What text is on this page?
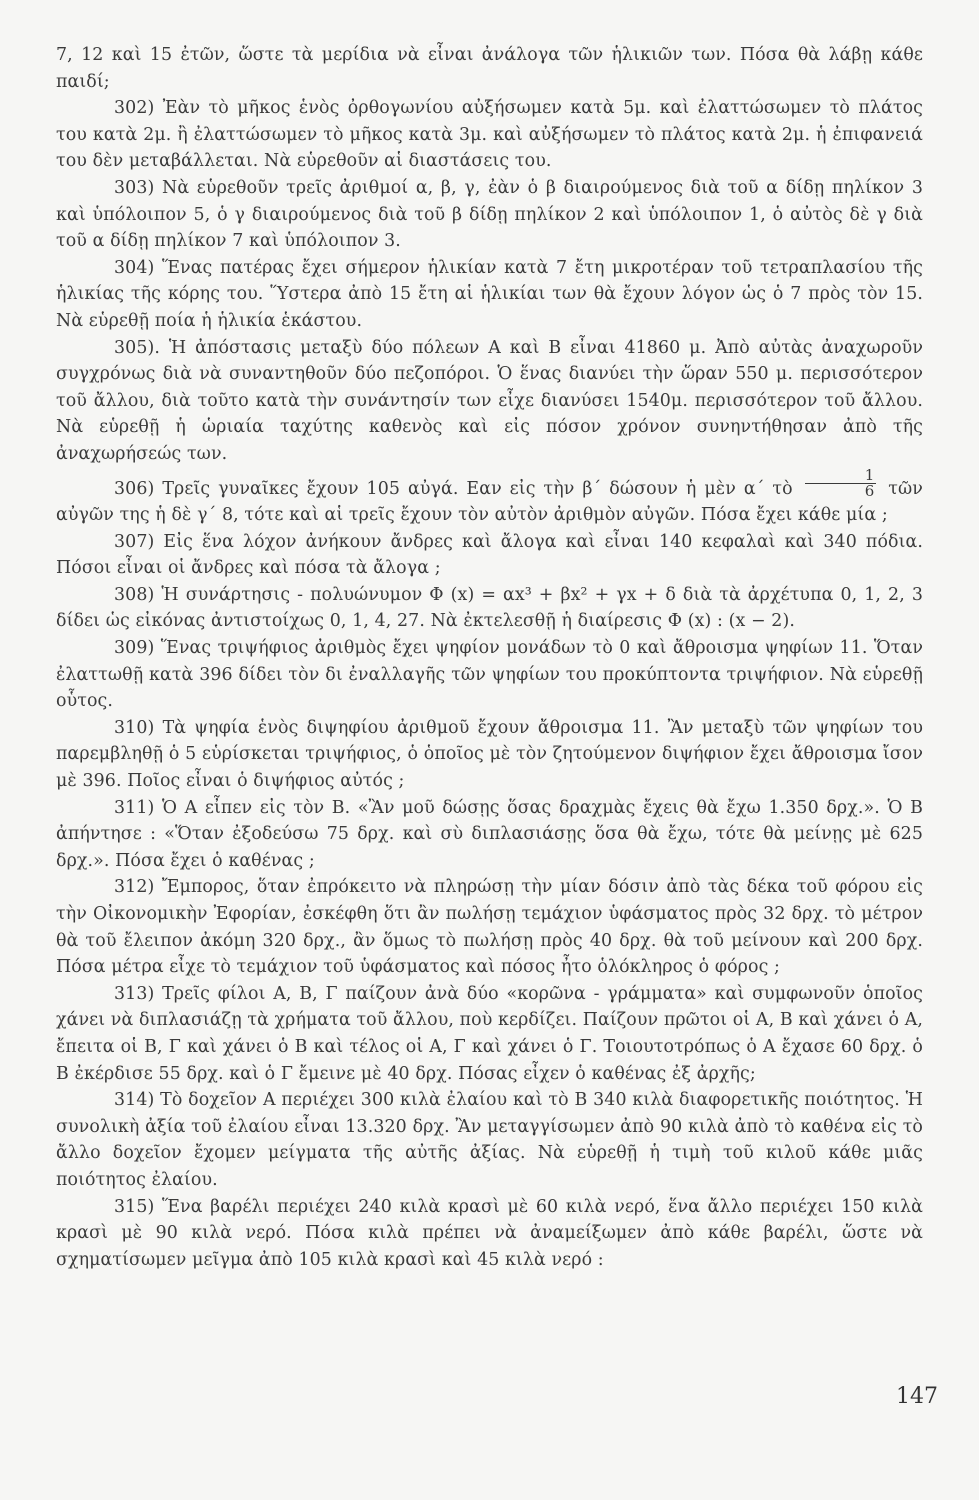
7, 12 καὶ 15 ἐτῶν, ὥστε τὰ μερίδια νὰ εἶναι ἀνάλογα τῶν ἡλικιῶν των. Πόσα θὰ λάβῃ κάθε παιδί;

302) Ἐὰν τὸ μῆκος ἑνὸς ὀρθογωνίου αὐξήσωμεν κατὰ 5μ. καὶ ἐλαττώσωμεν τὸ πλάτος του κατὰ 2μ. ἢ ἐλαττώσωμεν τὸ μῆκος κατὰ 3μ. καὶ αὐξήσωμεν τὸ πλάτος κατὰ 2μ. ἡ ἐπιφανειά του δὲν μεταβάλλεται. Νὰ εὑρεθοῦν αἱ διαστάσεις του.

303) Νὰ εὑρεθοῦν τρεῖς ἀριθμοί α, β, γ, ἐὰν ὁ β διαιρούμενος διὰ τοῦ α δίδῃ πηλίκον 3 καὶ ὑπόλοιπον 5, ὁ γ διαιρούμενος διὰ τοῦ β δίδῃ πηλίκον 2 καὶ ὑπόλοιπον 1, ὁ αὐτὸς δὲ γ διὰ τοῦ α δίδῃ πηλίκον 7 καὶ ὑπόλοιπον 3.

304) Ἕνας πατέρας ἔχει σήμερον ἡλικίαν κατὰ 7 ἔτη μικροτέραν τοῦ τετραπλασίου τῆς ἡλικίας τῆς κόρης του. Ὕστερα ἀπὸ 15 ἔτη αἱ ἡλικίαι των θὰ ἔχουν λόγον ὡς ὁ 7 πρὸς τὸν 15. Νὰ εὑρεθῇ ποία ἡ ἡλικία ἑκάστου.

305). Ἡ ἀπόστασις μεταξὺ δύο πόλεων Α καὶ Β εἶναι 41860 μ. Ἀπὸ αὐτὰς ἀναχωροῦν συγχρόνως διὰ νὰ συναντηθοῦν δύο πεζοπόροι. Ὁ ἕνας διανύει τὴν ὥραν 550 μ. περισσότερον τοῦ ἄλλου, διὰ τοῦτο κατὰ τὴν συνάντησίν των εἶχε διανύσει 1540μ. περισσότερον τοῦ ἄλλου. Νὰ εὑρεθῇ ἡ ὡριαία ταχύτης καθενὸς καὶ εἰς πόσον χρόνον συνηντήθησαν ἀπὸ τῆς ἀναχωρήσεώς των.

306) Τρεῖς γυναῖκες ἔχουν 105 αὐγά. Εαν εἰς τὴν β΄ δώσουν ἡ μὲν α΄ τὸ $\frac{1}{6}$ τῶν αὐγῶν της ἡ δὲ γ΄ 8, τότε καὶ αἱ τρεῖς ἔχουν τὸν αὐτὸν ἀριθμὸν αὐγῶν. Πόσα ἔχει κάθε μία ;

307) Εἰς ἕνα λόχον ἀνήκουν ἄνδρες καὶ ἄλογα καὶ εἶναι 140 κεφαλαὶ καὶ 340 πόδια. Πόσοι εἶναι οἱ ἄνδρες καὶ πόσα τὰ ἄλογα ;

308) Ἡ συνάρτησις - πολυώνυμον Φ (x) = αx³ + βx² + γx + δ διὰ τὰ ἀρχέτυπα 0, 1, 2, 3 δίδει ὡς εἰκόνας ἀντιστοίχως 0, 1, 4, 27. Νὰ ἐκτελεσθῇ ἡ διαίρεσις Φ (x) : (x − 2).

309) Ἕνας τριψήφιος ἀριθμὸς ἔχει ψηφίον μονάδων τὸ 0 καὶ ἄθροισμα ψηφίων 11. Ὅταν ἐλαττωθῇ κατὰ 396 δίδει τὸν δι ἐναλλαγῆς τῶν ψηφίων του προκύπτοντα τριψήφιον. Νὰ εὑρεθῇ οὗτος.

310) Τὰ ψηφία ἑνὸς διψηφίου ἀριθμοῦ ἔχουν ἄθροισμα 11. Ἂν μεταξὺ τῶν ψηφίων του παρεμβληθῇ ὁ 5 εὑρίσκεται τριψήφιος, ὁ ὁποῖος μὲ τὸν ζητούμενον διψήφιον ἔχει ἄθροισμα ἴσον μὲ 396. Ποῖος εἶναι ὁ διψήφιος αὐτός ;

311) Ὁ Α εἶπεν εἰς τὸν Β. «Ἂν μοῦ δώσῃς ὅσας δραχμὰς ἔχεις θὰ ἔχω 1.350 δρχ.». Ὁ Β ἀπήντησε : «Ὅταν ἐξοδεύσω 75 δρχ. καὶ σὺ διπλασιάσῃς ὅσα θὰ ἔχω, τότε θὰ μείνῃς μὲ 625 δρχ.». Πόσα ἔχει ὁ καθένας ;

312) Ἔμπορος, ὅταν ἐπρόκειτο νὰ πληρώσῃ τὴν μίαν δόσιν ἀπὸ τὰς δέκα τοῦ φόρου εἰς τὴν Οἰκονομικὴν Ἐφορίαν, ἐσκέφθη ὅτι ἂν πωλήσῃ τεμάχιον ὑφάσματος πρὸς 32 δρχ. τὸ μέτρον θὰ τοῦ ἔλειπον ἀκόμη 320 δρχ., ἂν ὅμως τὸ πωλήσῃ πρὸς 40 δρχ. θὰ τοῦ μείνουν καὶ 200 δρχ. Πόσα μέτρα εἶχε τὸ τεμάχιον τοῦ ὑφάσματος καὶ πόσος ἦτο ὁλόκληρος ὁ φόρος ;

313) Τρεῖς φίλοι Α, Β, Γ παίζουν ἀνὰ δύο «κορῶνα - γράμματα» καὶ συμφωνοῦν ὁποῖος χάνει νὰ διπλασιάζῃ τὰ χρήματα τοῦ ἄλλου, ποὺ κερδίζει. Παίζουν πρῶτοι οἱ Α, Β καὶ χάνει ὁ Α, ἔπειτα οἱ Β, Γ καὶ χάνει ὁ Β καὶ τέλος οἱ Α, Γ καὶ χάνει ὁ Γ. Τοιουτοτρόπως ὁ Α ἔχασε 60 δρχ. ὁ Β ἐκέρδισε 55 δρχ. καὶ ὁ Γ ἔμεινε μὲ 40 δρχ. Πόσας εἶχεν ὁ καθένας ἐξ ἀρχῆς;

314) Τὸ δοχεῖον Α περιέχει 300 κιλὰ ἐλαίου καὶ τὸ Β 340 κιλὰ διαφορετικῆς ποιότητος. Ἡ συνολικὴ ἀξία τοῦ ἐλαίου εἶναι 13.320 δρχ. Ἂν μεταγγίσωμεν ἀπὸ 90 κιλὰ ἀπὸ τὸ καθένα εἰς τὸ ἄλλο δοχεῖον ἔχομεν μείγματα τῆς αὐτῆς ἀξίας. Νὰ εὑρεθῇ ἡ τιμὴ τοῦ κιλοῦ κάθε μιᾶς ποιότητος ἐλαίου.

315) Ἕνα βαρέλι περιέχει 240 κιλὰ κρασὶ μὲ 60 κιλὰ νερό, ἕνα ἄλλο περιέχει 150 κιλὰ κρασὶ μὲ 90 κιλὰ νερό. Πόσα κιλὰ πρέπει νὰ ἀναμείξωμεν ἀπὸ κάθε βαρέλι, ὥστε νὰ σχηματίσωμεν μεῖγμα ἀπὸ 105 κιλὰ κρασὶ καὶ 45 κιλὰ νερό :

147
